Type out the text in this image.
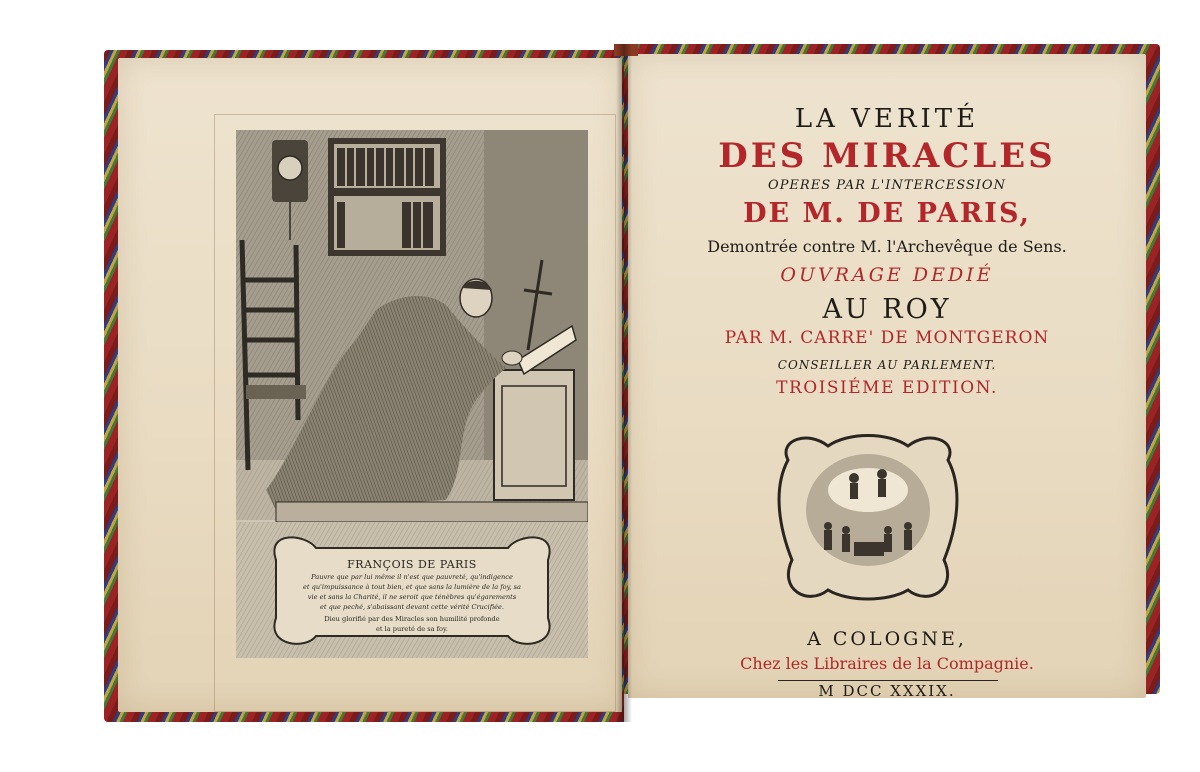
FRANÇOIS DE PARIS
Pauvre que par lui même il n'est que pauvreté, qu'indigence
et qu'impuissance à tout bien, et que sans la lumière de la foy, sa
vie et sans la Charité, il ne seroit que ténèbres qu'égarements
et que peché, s'abaissant devant cette vérité Crucifiée.
Dieu glorifié par des Miracles son humilité profonde
et la pureté de sa foy.
LA VERITÉ
DES MIRACLES
OPERES PAR L'INTERCESSION
DE M. DE PARIS,
Demontrée contre M. l'Archevêque de Sens.
OUVRAGE DEDIÉ
AU ROY
PAR M. CARRE' DE MONTGERON
CONSEILLER AU PARLEMENT.
TROISIÉME EDITION.
A COLOGNE,
Chez les Libraires de la Compagnie.
M DCC XXXIX.
